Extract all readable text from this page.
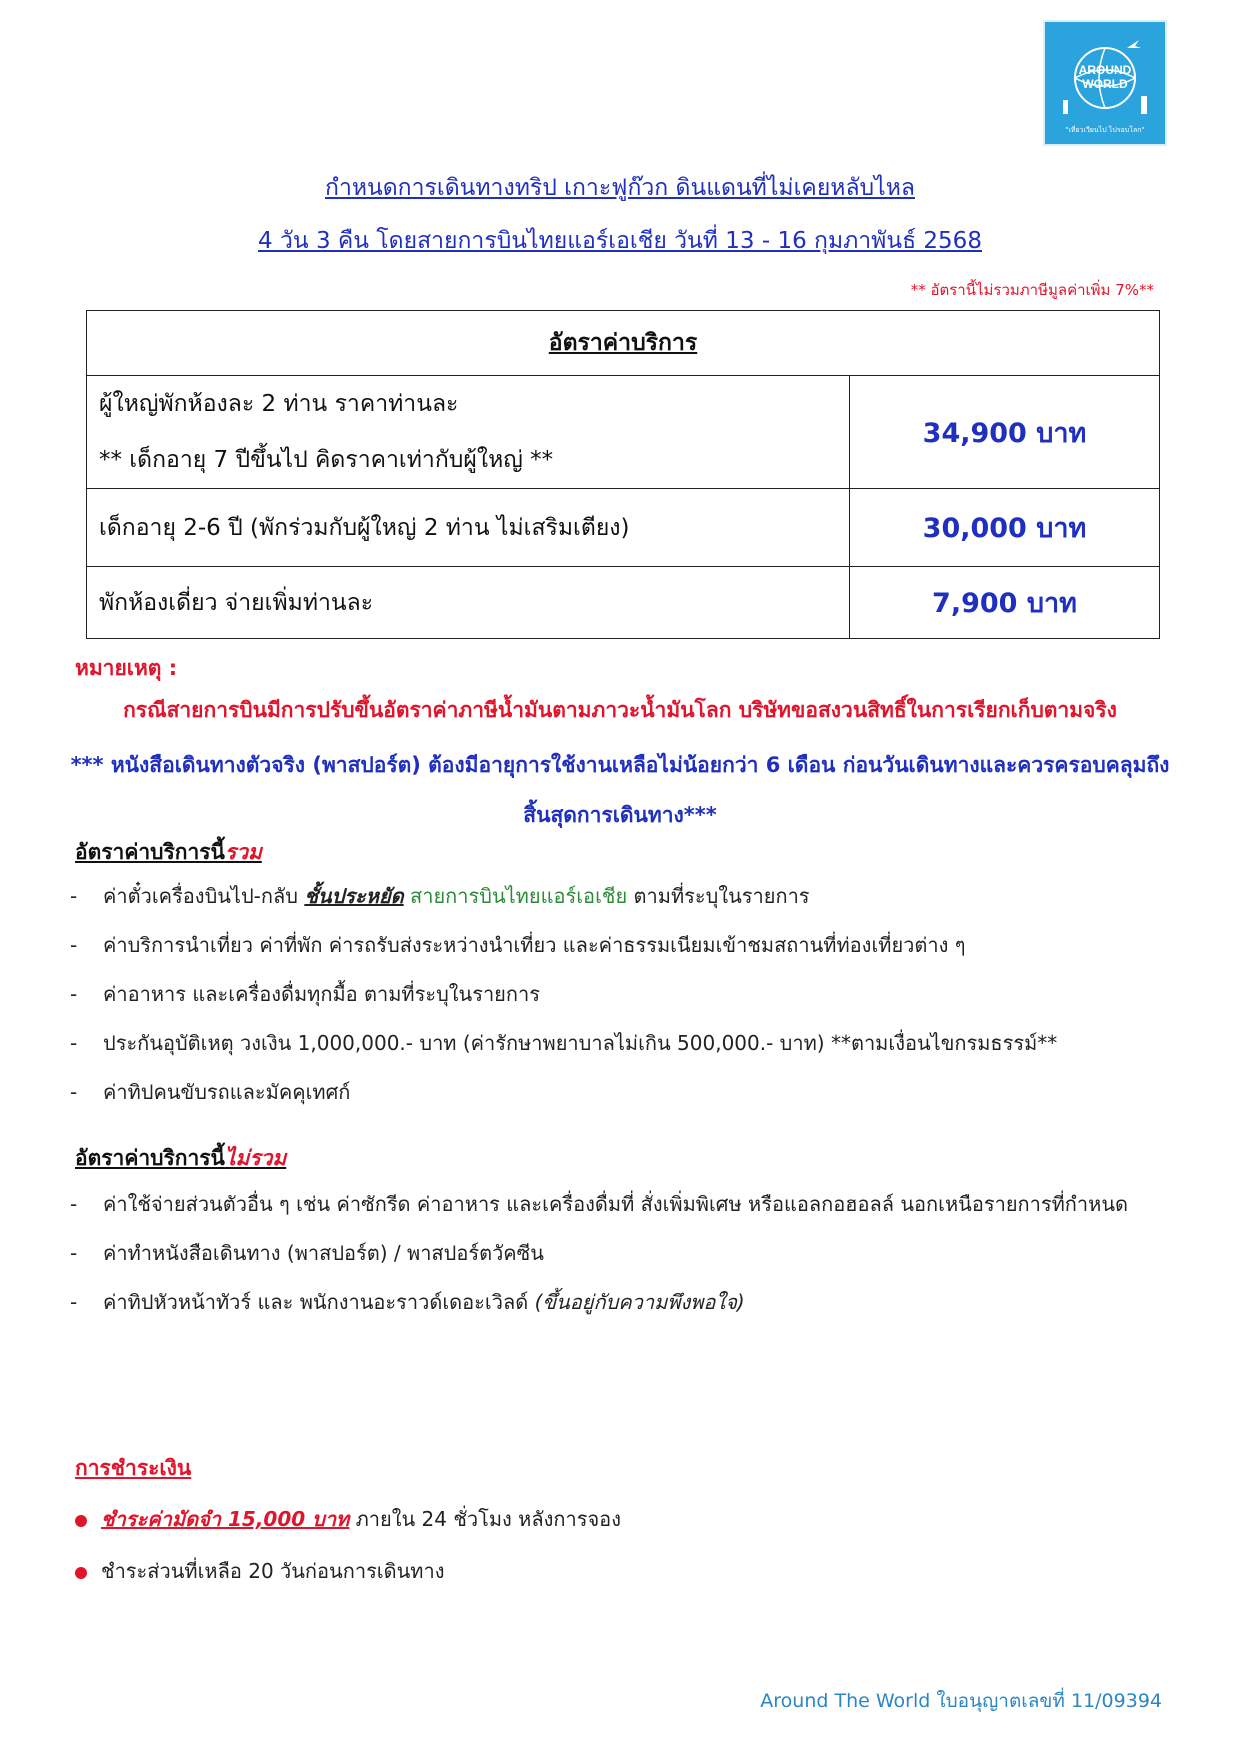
AROUND
WORLD
"เที่ยวเวียนไป ไปรอบโลก"
กำหนดการเดินทางทริป เกาะฟูก๊วก ดินแดนที่ไม่เคยหลับไหล
4 วัน 3 คืน โดยสายการบินไทยแอร์เอเชีย วันที่ 13 - 16 กุมภาพันธ์ 2568
** อัตรานี้ไม่รวมภาษีมูลค่าเพิ่ม 7%**
อัตราค่าบริการ	

ผู้ใหญ่พักห้องละ 2 ท่าน ราคาท่านละ
** เด็กอายุ 7 ปีขึ้นไป คิดราคาเท่ากับผู้ใหญ่ **	34,900 บาท
เด็กอายุ 2-6 ปี (พักร่วมกับผู้ใหญ่ 2 ท่าน ไม่เสริมเตียง)	30,000 บาท
พักห้องเดี่ยว จ่ายเพิ่มท่านละ	7,900 บาท
หมายเหตุ :
กรณีสายการบินมีการปรับขึ้นอัตราค่าภาษีน้ำมันตามภาวะน้ำมันโลก บริษัทขอสงวนสิทธิ์ในการเรียกเก็บตามจริง
*** หนังสือเดินทางตัวจริง (พาสปอร์ต) ต้องมีอายุการใช้งานเหลือไม่น้อยกว่า 6 เดือน ก่อนวันเดินทางและควรครอบคลุมถึงสิ้นสุดการเดินทาง***
อัตราค่าบริการนี้รวม
- ค่าตั๋วเครื่องบินไป-กลับ ชั้นประหยัด สายการบินไทยแอร์เอเชีย ตามที่ระบุในรายการ
- ค่าบริการนำเที่ยว ค่าที่พัก ค่ารถรับส่งระหว่างนำเที่ยว และค่าธรรมเนียมเข้าชมสถานที่ท่องเที่ยวต่าง ๆ
- ค่าอาหาร และเครื่องดื่มทุกมื้อ ตามที่ระบุในรายการ
- ประกันอุบัติเหตุ วงเงิน 1,000,000.- บาท (ค่ารักษาพยาบาลไม่เกิน 500,000.- บาท) **ตามเงื่อนไขกรมธรรม์**
- ค่าทิปคนขับรถและมัคคุเทศก์
อัตราค่าบริการนี้ไม่รวม
- ค่าใช้จ่ายส่วนตัวอื่น ๆ เช่น ค่าซักรีด ค่าอาหาร และเครื่องดื่มที่ สั่งเพิ่มพิเศษ หรือแอลกอฮอลล์ นอกเหนือรายการที่กำหนด
- ค่าทำหนังสือเดินทาง (พาสปอร์ต) / พาสปอร์ตวัคซีน
- ค่าทิปหัวหน้าทัวร์ และ พนักงานอะราวด์เดอะเวิลด์ (ขึ้นอยู่กับความพึงพอใจ)
การชำระเงิน
ชำระค่ามัดจำ 15,000 บาท ภายใน 24 ชั่วโมง หลังการจอง
ชำระส่วนที่เหลือ 20 วันก่อนการเดินทาง
Around The World ใบอนุญาตเลขที่ 11/09394
